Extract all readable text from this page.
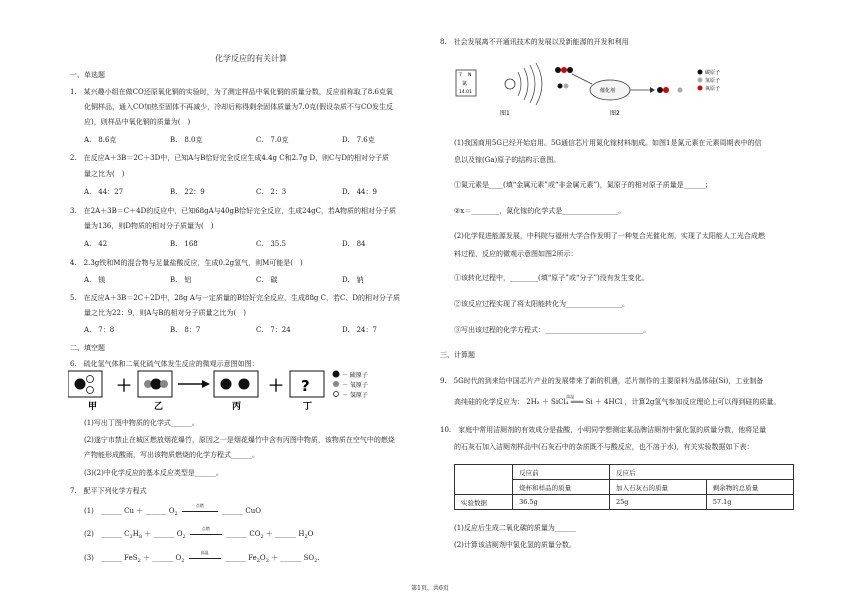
化学反应的有关计算
一、单选题
1.　某兴趣小组在做CO还原氧化铜的实验时，为了测定样品中氧化铜的质量分数，反应前称取了8.6克氧
化铜样品，通入CO加热至固体不再减少，冷却后称得剩余固体质量为7.0克(假设杂质不与CO发生反
应)，则样品中氧化铜的质量为(　)
A.　8.6克	B.　8.0克	C.　7.0克	D.　7.6克
2.　在反应A＋3B＝2C＋3D中，已知A与B恰好完全反应生成4.4g C和2.7g D，则C与D的相对分子质
量之比为(　)
A.　44：27	B.　22：9	C.　2：3	D.　44：9
3.　在2A＋3B＝C＋4D的反应中，已知68gA与40gB恰好完全反应，生成24gC，若A物质的相对分子质
量为136，则D物质的相对分子质量为(　)
A.　42	B.　168	C.　35.5	D.　84
4.　2.3g铁和M的混合物与足量盐酸反应，生成0.2g氢气，则M可能是(　)
A.　镁	B.　铝	C.　碳	D.　钠
5.　在反应A＋3B＝2C＋2D中，28g A与一定质量的B恰好完全反应，生成88g C，若C、D的相对分子质
量之比为22：9，则A与B的相对分子质量之比为(　)
A.　7：8	B.　8：7	C.　7：24	D.　24：7
二、填空题
6.　硫化氢气体和二氧化硫气体发生反应的微观示意图如图：
甲
＋
乙	丙
＋ ?
丁
－ 硫原子
－ 氧原子
－ 氢原子
(1)写出丁图中物质的化学式______。
(2)遂宁市禁止在城区燃放烟花爆竹，原因之一是烟花爆竹中含有丙图中物质，该物质在空气中的燃烧
产物能形成酸雨，写出该物质燃烧的化学方程式______。
(3)(2)中化学反应的基本反应类型是______。
7.　配平下列化学方程式
(1)　 ______ Cu ＋ ______ $O_2$
点燃
______ CuO
(2)　 ______ $C_3H_8$ ＋ ______ $O_2$
点燃
______ $CO_2$ ＋ ______ $H_2O$
(3)　 ______ FeS$_2$ ＋ ______ $O_2$
高温
______ $Fe_2O_3$ ＋ ______ $SO_2$.
8.　社会发展离不开通讯技术的发展以及新能源的开发和利用
7 N
氮
14.01
图1
催化剂
碳原子
氢原子
氧原子
图2
(1)我国商用5G已经开始启用。5G通信芯片用氮化镓材料制成。如图1是氮元素在元素周期表中的信
息以及镓(Ga)原子的结构示意图。
①氮元素是____(填“金属元素”或“非金属元素”)，氮原子的相对原子质量是______；
②x＝________，氮化镓的化学式是________________。
(2)化学促进能源发展，中科院与福州大学合作发明了一种复合光催化剂，实现了太阳能人工光合成燃
料过程，反应的微观示意图如图2所示：
①该转化过程中，________(填“原子”或“分子”)没有发生变化。
②该反应过程实现了将太阳能转化为________________。
③写出该过程的化学方程式：____________________________。
三、计算题
9.　5G时代的到来给中国芯片产业的发展带来了新的机遇，芯片制作的主要原料为晶体硅(Si)，工业制备
高纯硅的化学反应为：
高温
2H₂ ＋ SiCl₄ ═══ Si ＋ 4HCl ，计算2g氢气参加反应理论上可以得到硅的质量。
10.　家庭中常用洁厕剂的有效成分是盐酸，小明同学想测定某品牌洁厕剂中氯化氢的质量分数，他将足量
的石灰石加入洁厕剂样品中(石灰石中的杂质既不与酸反应，也不溶于水)，有关实验数据如下表：
	反应前	反应后	
	烧杯和样品的质量	加入石灰石的质量	剩余物的总质量
实验数据	36.5g	25g	57.1g
(1)反应后生成二氧化碳的质量为______
(2)计算该洁厕剂中氯化氢的质量分数。
第1页，共6页
